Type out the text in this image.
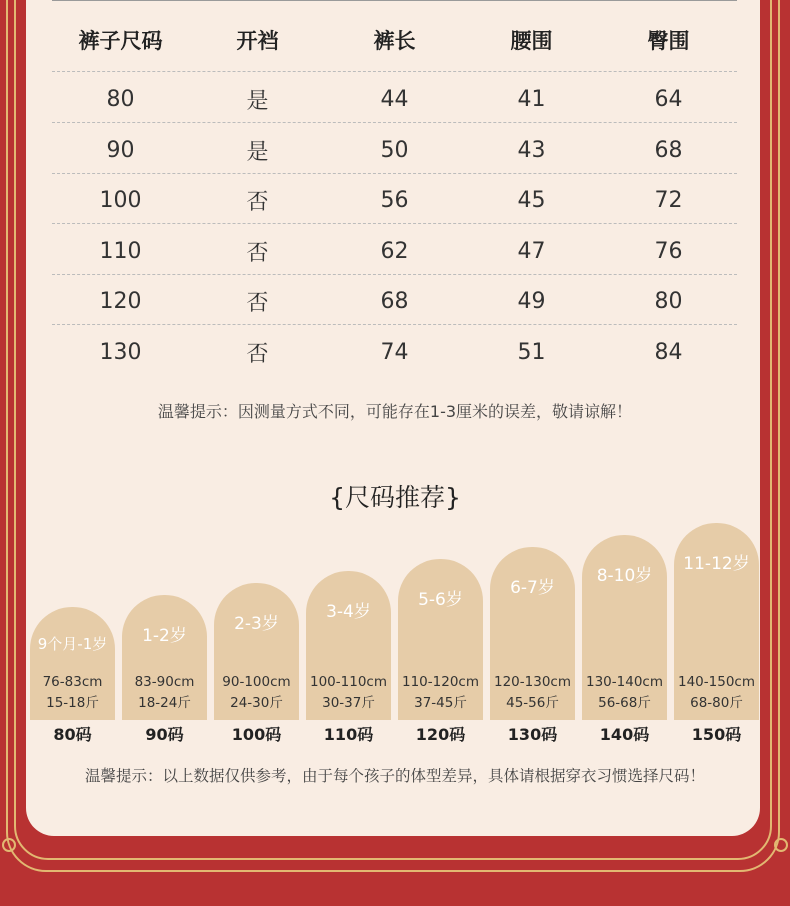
裤子尺码	开裆	裤长	腰围	臀围
80	是	44	41	64
90	是	50	43	68
100	否	56	45	72
110	否	62	47	76
120	否	68	49	80
130	否	74	51	84
温馨提示：因测量方式不同，可能存在1-3厘米的误差，敬请谅解！
{尺码推荐}
9个月-1岁
76-83cm
15-18斤
1-2岁
83-90cm
18-24斤
2-3岁
90-100cm
24-30斤
3-4岁
100-110cm
30-37斤
5-6岁
110-120cm
37-45斤
6-7岁
120-130cm
45-56斤
8-10岁
130-140cm
56-68斤
11-12岁
140-150cm
68-80斤
80码	90码	100码	110码	120码	130码	140码	150码
温馨提示：以上数据仅供参考，由于每个孩子的体型差异，具体请根据穿衣习惯选择尺码！
